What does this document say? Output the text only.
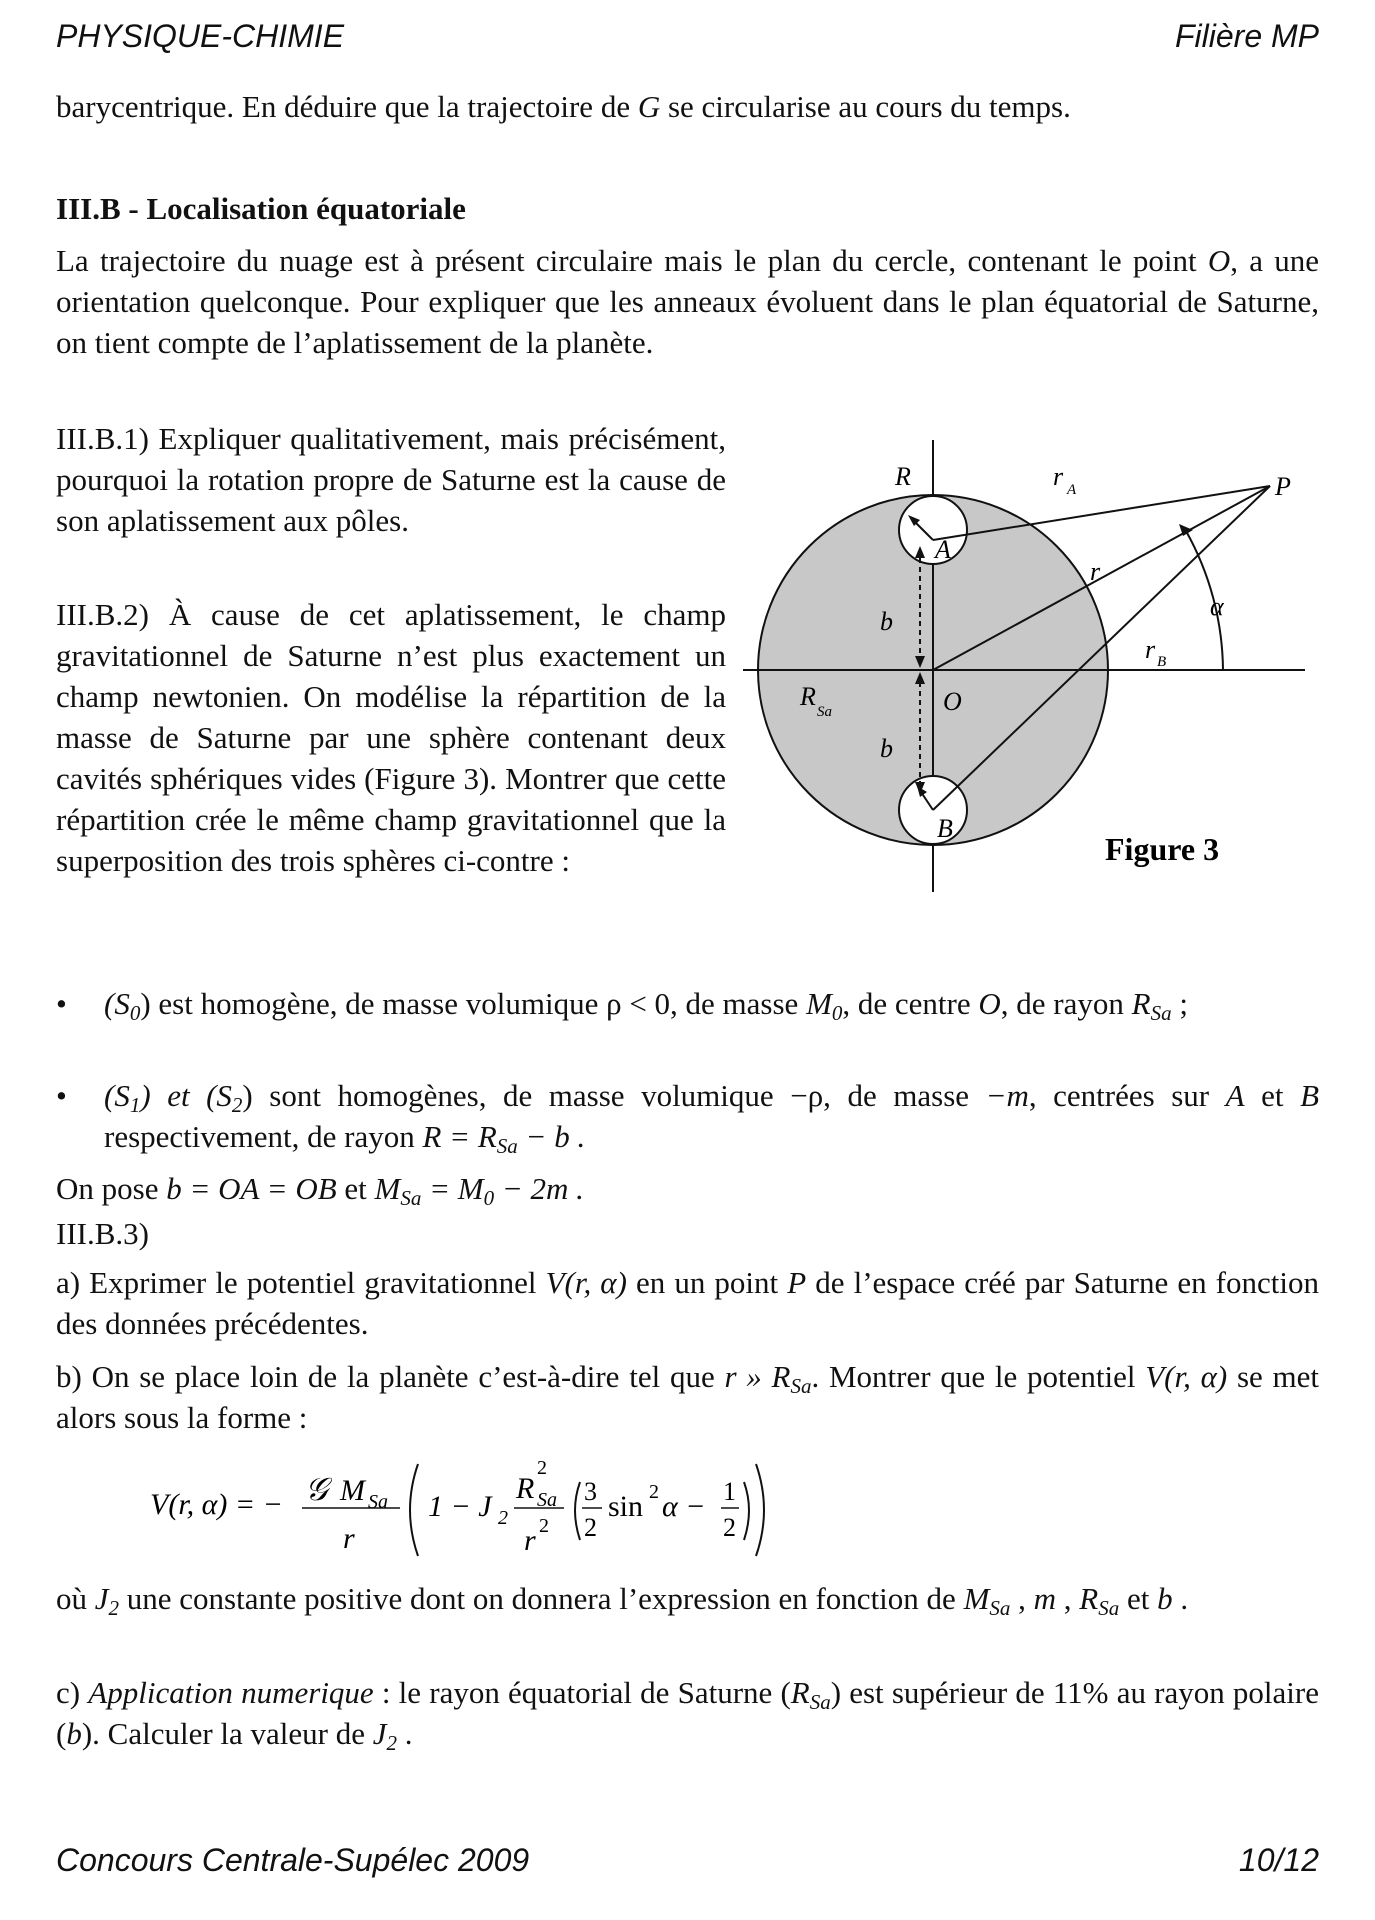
PHYSIQUE-CHIMIE	Filière MP
barycentrique. En déduire que la trajectoire de G se circularise au cours du temps.
III.B - Localisation équatoriale
La trajectoire du nuage est à présent circulaire mais le plan du cercle, contenant le point O, a une orientation quelconque. Pour expliquer que les anneaux évoluent dans le plan équatorial de Saturne, on tient compte de l’aplatissement de la planète.
III.B.1) Expliquer qualitativement, mais précisément, pourquoi la rotation propre de Saturne est la cause de son aplatissement aux pôles.
III.B.2) À cause de cet aplatissement, le champ gravitationnel de Saturne n’est plus exactement un champ newtonien. On modélise la répartition de la masse de Saturne par une sphère contenant deux cavités sphériques vides (Figure 3). Montrer que cette répartition crée le même champ gravitationnel que la superposition des trois sphères ci-contre :
R	r A	P
A
r
α
b
r B
R
Sa	O
b
B
Figure 3
• $(S_0)$ est homogène, de masse volumique ρ < 0, de masse $M_0$, de centre O, de rayon $R_{Sa}$ ;
• $(S_1)$ et $(S_2)$ sont homogènes, de masse volumique −ρ, de masse −m, centrées sur A et B respectivement, de rayon $R = R_{Sa} - b$ .
On pose b = OA = OB et $M_{Sa} = M_0 - 2m$ .
III.B.3)
a) Exprimer le potentiel gravitationnel V(r, α) en un point P de l’espace créé par Saturne en fonction des données précédentes.
b) On se place loin de la planète c’est-à-dire tel que r » $R_{Sa}$. Montrer que le potentiel V(r, α) se met alors sous la forme :
V(r, α) = − 𝒢 M Sa
r
1 − J 2
R
2
Sa
r 2
3
2
sin 2 α − 1
2
où $J_2$ une constante positive dont on donnera l’expression en fonction de $M_{Sa}$ , m , $R_{Sa}$ et b .
c) Application numerique : le rayon équatorial de Saturne $(R_{Sa})$ est supérieur de 11% au rayon polaire (b). Calculer la valeur de $J_2$ .
Concours Centrale-Supélec 2009	10/12
